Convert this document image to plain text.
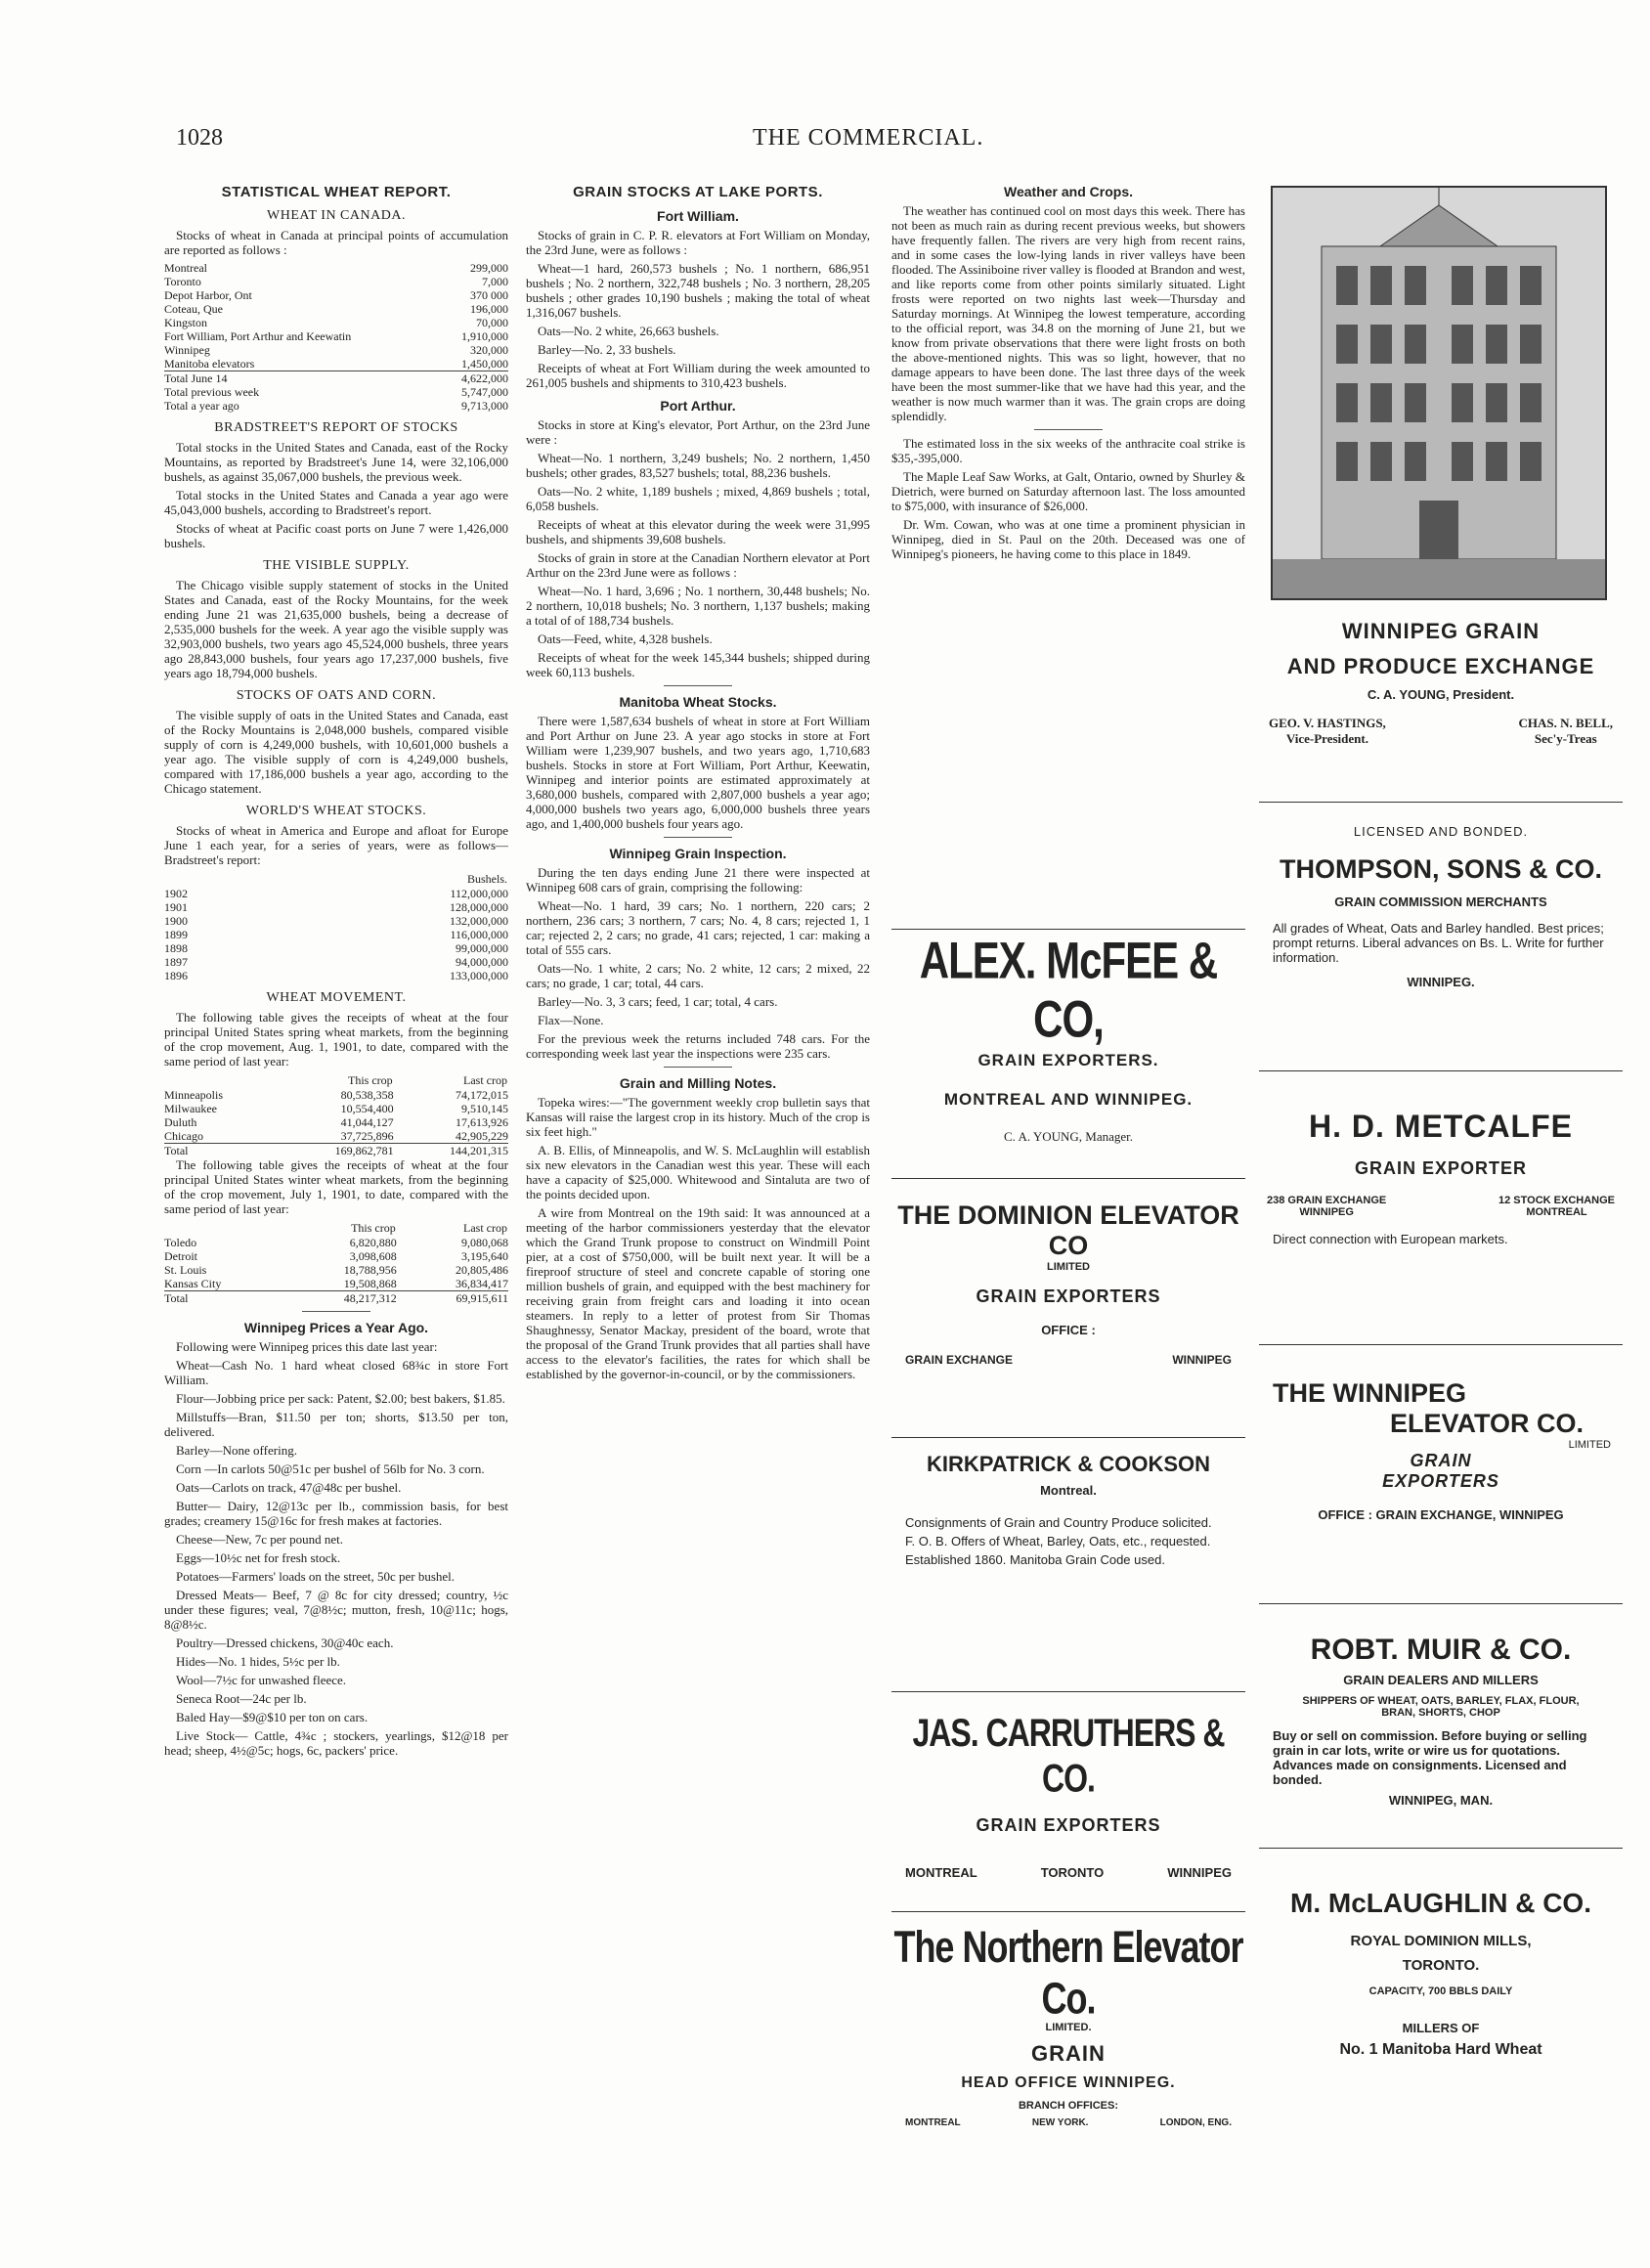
1028	THE COMMERCIAL.
STATISTICAL WHEAT REPORT.
WHEAT IN CANADA.

Stocks of wheat in Canada at principal points of accumulation are reported as follows :

Montreal	299,000
Toronto	7,000
Depot Harbor, Ont	370 000
Coteau, Que	196,000
Kingston	70,000
Fort William, Port Arthur and Keewatin	1,910,000
Winnipeg	320,000
Manitoba elevators	1,450,000
Total June 14	4,622,000
Total previous week	5,747,000
Total a year ago	9,713,000
BRADSTREET'S REPORT OF STOCKS

Total stocks in the United States and Canada, east of the Rocky Mountains, as reported by Bradstreet's June 14, were 32,106,000 bushels, as against 35,067,000 bushels, the previous week.

Total stocks in the United States and Canada a year ago were 45,043,000 bushels, according to Bradstreet's report.

Stocks of wheat at Pacific coast ports on June 7 were 1,426,000 bushels.

THE VISIBLE SUPPLY.

The Chicago visible supply statement of stocks in the United States and Canada, east of the Rocky Mountains, for the week ending June 21 was 21,635,000 bushels, being a decrease of 2,535,000 bushels for the week. A year ago the visible supply was 32,903,000 bushels, two years ago 45,524,000 bushels, three years ago 28,843,000 bushels, four years ago 17,237,000 bushels, five years ago 18,794,000 bushels.

STOCKS OF OATS AND CORN.

The visible supply of oats in the United States and Canada, east of the Rocky Mountains is 2,048,000 bushels, compared visible supply of corn is 4,249,000 bushels, with 10,601,000 bushels a year ago. The visible supply of corn is 4,249,000 bushels, compared with 17,186,000 bushels a year ago, according to the Chicago statement.

WORLD'S WHEAT STOCKS.

Stocks of wheat in America and Europe and afloat for Europe June 1 each year, for a series of years, were as follows— Bradstreet's report:

	Bushels.
1902	112,000,000
1901	128,000,000
1900	132,000,000
1899	116,000,000
1898	99,000,000
1897	94,000,000
1896	133,000,000
WHEAT MOVEMENT.

The following table gives the receipts of wheat at the four principal United States spring wheat markets, from the beginning of the crop movement, Aug. 1, 1901, to date, compared with the same period of last year:

	This crop	Last crop
Minneapolis	80,538,358	74,172,015
Milwaukee	10,554,400	9,510,145
Duluth	41,044,127	17,613,926
Chicago	37,725,896	42,905,229
Total	169,862,781	144,201,315

The following table gives the receipts of wheat at the four principal United States winter wheat markets, from the beginning of the crop movement, July 1, 1901, to date, compared with the same period of last year:

	This crop	Last crop
Toledo	6,820,880	9,080,068
Detroit	3,098,608	3,195,640
St. Louis	18,788,956	20,805,486
Kansas City	19,508,868	36,834,417
Total	48,217,312	69,915,611
Winnipeg Prices a Year Ago.

Following were Winnipeg prices this date last year:

Wheat—Cash No. 1 hard wheat closed 68¾c in store Fort William.

Flour—Jobbing price per sack: Patent, $2.00; best bakers, $1.85.

Millstuffs—Bran, $11.50 per ton; shorts, $13.50 per ton, delivered.

Barley—None offering.

Corn —In carlots 50@51c per bushel of 56lb for No. 3 corn.

Oats—Carlots on track, 47@48c per bushel.

Butter— Dairy, 12@13c per lb., commission basis, for best grades; creamery 15@16c for fresh makes at factories.

Cheese—New, 7c per pound net.

Eggs—10½c net for fresh stock.

Potatoes—Farmers' loads on the street, 50c per bushel.

Dressed Meats— Beef, 7 @ 8c for city dressed; country, ½c under these figures; veal, 7@8½c; mutton, fresh, 10@11c; hogs, 8@8½c.

Poultry—Dressed chickens, 30@40c each.

Hides—No. 1 hides, 5½c per lb.

Wool—7½c for unwashed fleece.

Seneca Root—24c per lb.

Baled Hay—$9@$10 per ton on cars.

Live Stock— Cattle, 4¾c ; stockers, yearlings, $12@18 per head; sheep, 4½@5c; hogs, 6c, packers' price.

GRAIN STOCKS AT LAKE PORTS.
Fort William.

Stocks of grain in C. P. R. elevators at Fort William on Monday, the 23rd June, were as follows :

Wheat—1 hard, 260,573 bushels ; No. 1 northern, 686,951 bushels ; No. 2 northern, 322,748 bushels ; No. 3 northern, 28,205 bushels ; other grades 10,190 bushels ; making the total of wheat 1,316,067 bushels.

Oats—No. 2 white, 26,663 bushels.

Barley—No. 2, 33 bushels.

Receipts of wheat at Fort William during the week amounted to 261,005 bushels and shipments to 310,423 bushels.

Port Arthur.

Stocks in store at King's elevator, Port Arthur, on the 23rd June were :

Wheat—No. 1 northern, 3,249 bushels; No. 2 northern, 1,450 bushels; other grades, 83,527 bushels; total, 88,236 bushels.

Oats—No. 2 white, 1,189 bushels ; mixed, 4,869 bushels ; total, 6,058 bushels.

Receipts of wheat at this elevator during the week were 31,995 bushels, and shipments 39,608 bushels.

Stocks of grain in store at the Canadian Northern elevator at Port Arthur on the 23rd June were as follows :

Wheat—No. 1 hard, 3,696 ; No. 1 northern, 30,448 bushels; No. 2 northern, 10,018 bushels; No. 3 northern, 1,137 bushels; making a total of of 188,734 bushels.

Oats—Feed, white, 4,328 bushels.

Receipts of wheat for the week 145,344 bushels; shipped during week 60,113 bushels.

Manitoba Wheat Stocks.

There were 1,587,634 bushels of wheat in store at Fort William and Port Arthur on June 23. A year ago stocks in store at Fort William were 1,239,907 bushels, and two years ago, 1,710,683 bushels. Stocks in store at Fort William, Port Arthur, Keewatin, Winnipeg and interior points are estimated approximately at 3,680,000 bushels, compared with 2,807,000 bushels a year ago; 4,000,000 bushels two years ago, 6,000,000 bushels three years ago, and 1,400,000 bushels four years ago.

Winnipeg Grain Inspection.

During the ten days ending June 21 there were inspected at Winnipeg 608 cars of grain, comprising the following:

Wheat—No. 1 hard, 39 cars; No. 1 northern, 220 cars; 2 northern, 236 cars; 3 northern, 7 cars; No. 4, 8 cars; rejected 1, 1 car; rejected 2, 2 cars; no grade, 41 cars; rejected, 1 car: making a total of 555 cars.

Oats—No. 1 white, 2 cars; No. 2 white, 12 cars; 2 mixed, 22 cars; no grade, 1 car; total, 44 cars.

Barley—No. 3, 3 cars; feed, 1 car; total, 4 cars.

Flax—None.

For the previous week the returns included 748 cars. For the corresponding week last year the inspections were 235 cars.

Grain and Milling Notes.

Topeka wires:—"The government weekly crop bulletin says that Kansas will raise the largest crop in its history. Much of the crop is six feet high."

A. B. Ellis, of Minneapolis, and W. S. McLaughlin will establish six new elevators in the Canadian west this year. These will each have a capacity of $25,000. Whitewood and Sintaluta are two of the points decided upon.

A wire from Montreal on the 19th said: It was announced at a meeting of the harbor commissioners yesterday that the elevator which the Grand Trunk propose to construct on Windmill Point pier, at a cost of $750,000, will be built next year. It will be a fireproof structure of steel and concrete capable of storing one million bushels of grain, and equipped with the best machinery for receiving grain from freight cars and loading it into ocean steamers. In reply to a letter of protest from Sir Thomas Shaughnessy, Senator Mackay, president of the board, wrote that the proposal of the Grand Trunk provides that all parties shall have access to the elevator's facilities, the rates for which shall be established by the governor-in-council, or by the commissioners.

Weather and Crops.

The weather has continued cool on most days this week. There has not been as much rain as during recent previous weeks, but showers have frequently fallen. The rivers are very high from recent rains, and in some cases the low-lying lands in river valleys have been flooded. The Assiniboine river valley is flooded at Brandon and west, and like reports come from other points similarly situated. Light frosts were reported on two nights last week—Thursday and Saturday mornings. At Winnipeg the lowest temperature, according to the official report, was 34.8 on the morning of June 21, but we know from private observations that there were light frosts on both the above-mentioned nights. This was so light, however, that no damage appears to have been done. The last three days of the week have been the most summer-like that we have had this year, and the weather is now much warmer than it was. The grain crops are doing splendidly.

The estimated loss in the six weeks of the anthracite coal strike is $35,-395,000.

The Maple Leaf Saw Works, at Galt, Ontario, owned by Shurley & Dietrich, were burned on Saturday afternoon last. The loss amounted to $75,000, with insurance of $26,000.

Dr. Wm. Cowan, who was at one time a prominent physician in Winnipeg, died in St. Paul on the 20th. Deceased was one of Winnipeg's pioneers, he having come to this place in 1849.

ALEX. McFEE & CO,
GRAIN EXPORTERS.
MONTREAL AND WINNIPEG.
C. A. YOUNG, Manager.
THE DOMINION ELEVATOR CO
LIMITED
GRAIN EXPORTERS
OFFICE :
GRAIN EXCHANGE	WINNIPEG
KIRKPATRICK & COOKSON
Montreal.
Consignments of Grain and Country Produce solicited.
F. O. B. Offers of Wheat, Barley, Oats, etc., requested.
Established 1860. Manitoba Grain Code used.
JAS. CARRUTHERS & CO.
GRAIN EXPORTERS
MONTREAL	TORONTO	WINNIPEG
The Northern Elevator Co.
LIMITED.
GRAIN
HEAD OFFICE WINNIPEG.
BRANCH OFFICES:
MONTREAL	NEW YORK.	LONDON, ENG.
WINNIPEG GRAIN
AND PRODUCE EXCHANGE
C. A. YOUNG, President.
GEO. V. HASTINGS,
Vice-President.
CHAS. N. BELL,
Sec'y-Treas
LICENSED AND BONDED.
THOMPSON, SONS & CO.
GRAIN COMMISSION MERCHANTS
All grades of Wheat, Oats and Barley handled. Best prices; prompt returns. Liberal advances on Bs. L. Write for further information.
WINNIPEG.
H. D. METCALFE
GRAIN EXPORTER
238 GRAIN EXCHANGE
WINNIPEG
12 STOCK EXCHANGE
MONTREAL
Direct connection with European markets.
THE WINNIPEG
ELEVATOR CO.
LIMITED
GRAIN
EXPORTERS
OFFICE : GRAIN EXCHANGE, WINNIPEG
ROBT. MUIR & CO.
GRAIN DEALERS AND MILLERS
SHIPPERS OF WHEAT, OATS, BARLEY, FLAX, FLOUR, BRAN, SHORTS, CHOP
Buy or sell on commission. Before buying or selling grain in car lots, write or wire us for quotations. Advances made on consignments. Licensed and bonded.
WINNIPEG, MAN.
M. McLAUGHLIN & CO.
ROYAL DOMINION MILLS,
TORONTO.
CAPACITY, 700 BBLS DAILY
MILLERS OF
No. 1 Manitoba Hard Wheat
